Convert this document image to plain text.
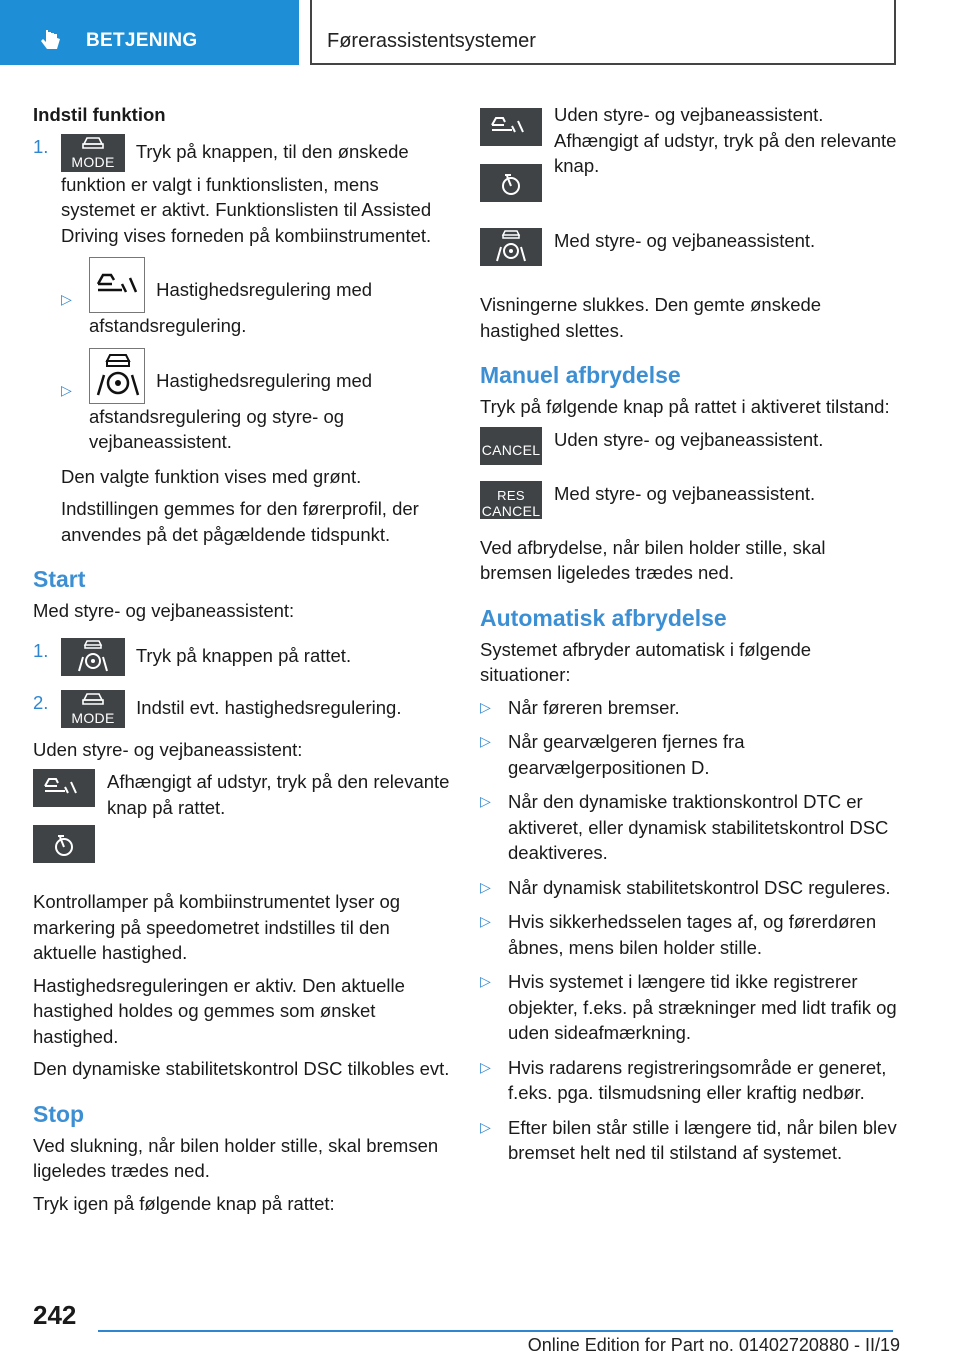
BETJENING	Førerassistentsystemer
Indstil funktion
1.
MODE	Tryk på knappen, til den ønskede funktion er valgt i funktionslisten, mens systemet er aktivt. Funktionslisten til Assisted Driving vises forneden på kombiinstrumentet.
▷	Hastighedsregulering med afstandsregulering.
▷	Hastighedsregulering med afstandsregulering og styre- og vejbaneassistent.

Den valgte funktion vises med grønt.

Indstillingen gemmes for den førerprofil, der anvendes på det pågældende tidspunkt.

Start

Med styre- og vejbaneassistent:

1.	Tryk på knappen på rattet.
2.
MODE	Indstil evt. hastighedsregulering.

Uden styre- og vejbaneassistent:

Afhængigt af udstyr, tryk på den relevante knap på rattet.

Kontrollamper på kombiinstrumentet lyser og markering på speedometret indstilles til den aktuelle hastighed.

Hastighedsreguleringen er aktiv. Den aktuelle hastighed holdes og gemmes som ønsket hastighed.

Den dynamiske stabilitetskontrol DSC tilkobles evt.

Stop

Ved slukning, når bilen holder stille, skal bremsen ligeledes trædes ned.

Tryk igen på følgende knap på rattet:

Uden styre- og vejbaneassistent. Afhængigt af udstyr, tryk på den relevante knap.
Med styre- og vejbaneassistent.

Visningerne slukkes. Den gemte ønskede hastighed slettes.

Manuel afbrydelse

Tryk på følgende knap på rattet i aktiveret tilstand:

CANCEL Uden styre- og vejbaneassistent.
RES
CANCEL
Med styre- og vejbaneassistent.

Ved afbrydelse, når bilen holder stille, skal bremsen ligeledes trædes ned.

Automatisk afbrydelse

Systemet afbryder automatisk i følgende situationer:

▷ Når føreren bremser.
▷ Når gearvælgeren fjernes fra gearvælgerpositionen D.
▷ Når den dynamiske traktionskontrol DTC er aktiveret, eller dynamisk stabilitetskontrol DSC deaktiveres.
▷ Når dynamisk stabilitetskontrol DSC reguleres.
▷ Hvis sikkerhedsselen tages af, og førerdøren åbnes, mens bilen holder stille.
▷ Hvis systemet i længere tid ikke registrerer objekter, f.eks. på strækninger med lidt trafik og uden sideafmærkning.
▷ Hvis radarens registreringsområde er generet, f.eks. pga. tilsmudsning eller kraftig nedbør.
▷ Efter bilen står stille i længere tid, når bilen blev bremset helt ned til stilstand af systemet.
242
Online Edition for Part no. 01402720880 - II/19
